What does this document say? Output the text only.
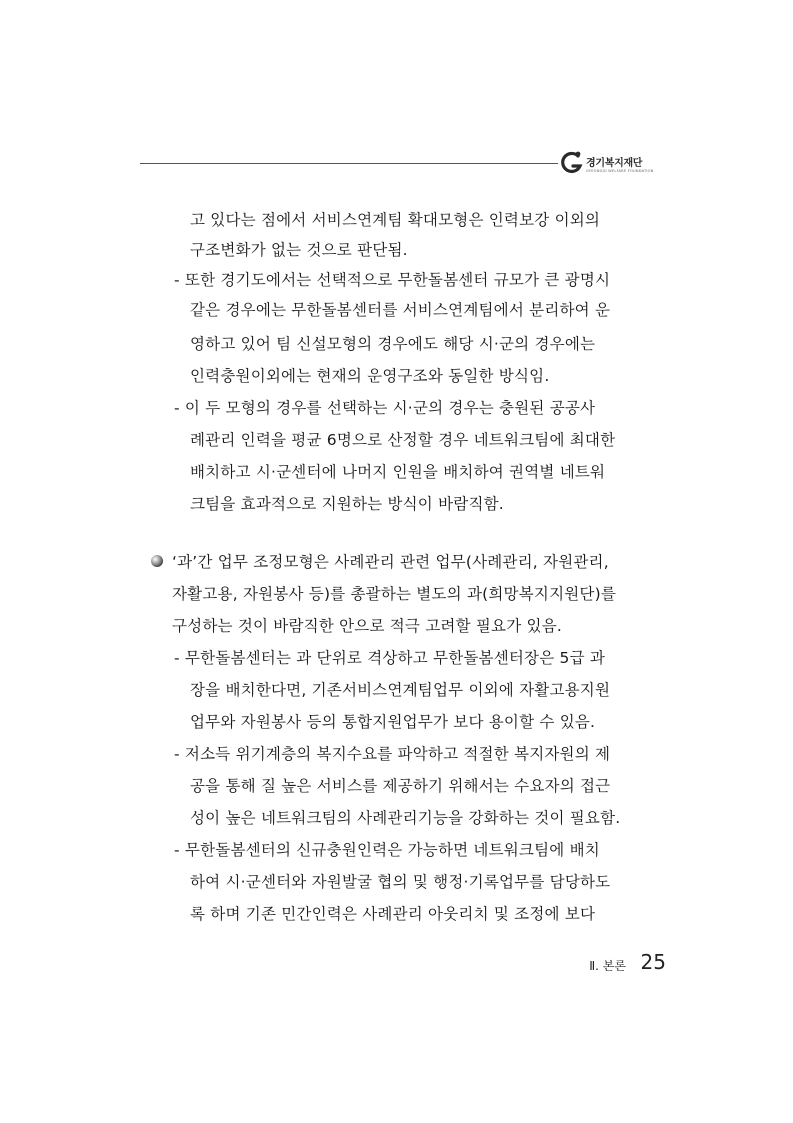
경기복지재단
GYEONGGI WELFARE FOUNDATION
고 있다는 점에서 서비스연계팀 확대모형은 인력보강 이외의
구조변화가 없는 것으로 판단됨.
- 또한 경기도에서는 선택적으로 무한돌봄센터 규모가 큰 광명시
같은 경우에는 무한돌봄센터를 서비스연계팀에서 분리하여 운
영하고 있어 팀 신설모형의 경우에도 해당 시·군의 경우에는
인력충원이외에는 현재의 운영구조와 동일한 방식임.
- 이 두 모형의 경우를 선택하는 시·군의 경우는 충원된 공공사
례관리 인력을 평균 6명으로 산정할 경우 네트워크팀에 최대한
배치하고 시·군센터에 나머지 인원을 배치하여 권역별 네트워
크팀을 효과적으로 지원하는 방식이 바람직함.
‘과’간 업무 조정모형은 사례관리 관련 업무(사례관리, 자원관리,
자활고용, 자원봉사 등)를 총괄하는 별도의 과(희망복지지원단)를
구성하는 것이 바람직한 안으로 적극 고려할 필요가 있음.
- 무한돌봄센터는 과 단위로 격상하고 무한돌봄센터장은 5급 과
장을 배치한다면, 기존서비스연계팀업무 이외에 자활고용지원
업무와 자원봉사 등의 통합지원업무가 보다 용이할 수 있음.
- 저소득 위기계층의 복지수요를 파악하고 적절한 복지자원의 제
공을 통해 질 높은 서비스를 제공하기 위해서는 수요자의 접근
성이 높은 네트워크팀의 사례관리기능을 강화하는 것이 필요함.
- 무한돌봄센터의 신규충원인력은 가능하면 네트워크팀에 배치
하여 시·군센터와 자원발굴 협의 및 행정·기록업무를 담당하도
록 하며 기존 민간인력은 사례관리 아웃리치 및 조정에 보다
Ⅱ. 본론 25
